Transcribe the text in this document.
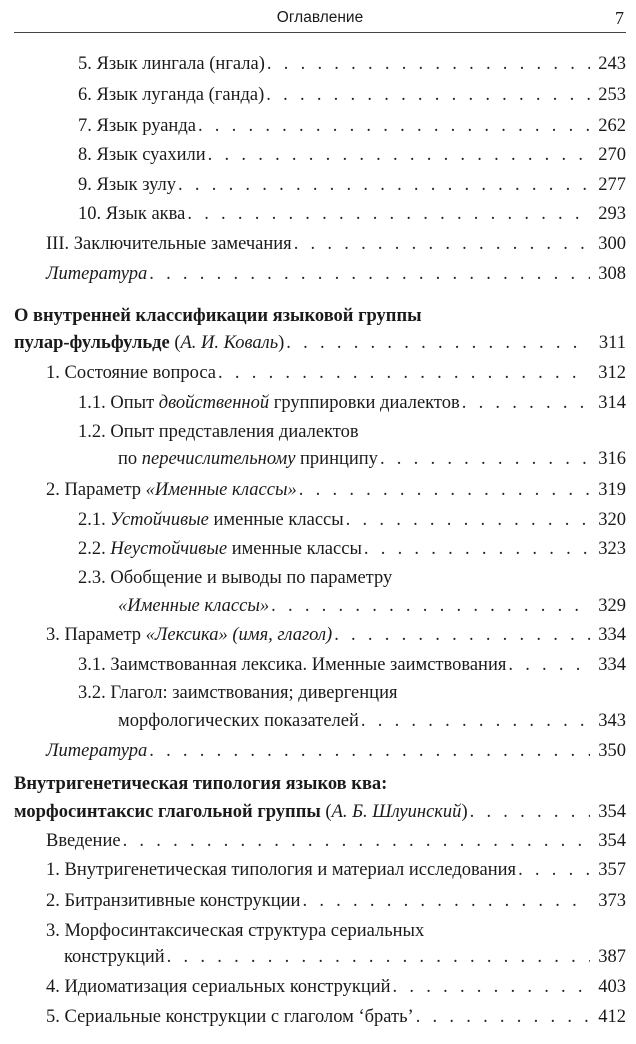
Оглавление	7
5. Язык лингала (нгала) . . .	243
6. Язык луганда (ганда) . . .	253
7. Язык руанда . . .	262
8. Язык суахили . . .	270
9. Язык зулу . . .	277
10. Язык аква . . .	293
III. Заключительные замечания . . .	300
Литература . . .	308
О внутренней классификации языковой группы
пулар-фульфульде (А. И. Коваль) . . .	311
1. Состояние вопроса . . .	312
1.1. Опыт двойственной группировки диалектов . . .	314
1.2. Опыт представления диалектов
по перечислительному принципу . . .	316
2. Параметр «Именные классы» . . .	319
2.1. Устойчивые именные классы . . .	320
2.2. Неустойчивые именные классы . . .	323
2.3. Обобщение и выводы по параметру
«Именные классы» . . .	329
3. Параметр «Лексика» (имя, глагол) . . .	334
3.1. Заимствованная лексика. Именные заимствования . . .	334
3.2. Глагол: заимствования; дивергенция
морфологических показателей . . .	343
Литература . . .	350
Внутригенетическая типология языков ква:
морфосинтаксис глагольной группы (А. Б. Шлуинский) . . .	354
Введение . . .	354
1. Внутригенетическая типология и материал исследования . . .	357
2. Битранзитивные конструкции . . .	373
3. Морфосинтаксическая структура сериальных
конструкций . . .	387
4. Идиоматизация сериальных конструкций . . .	403
5. Сериальные конструкции с глаголом ‘брать’ . . .	412
